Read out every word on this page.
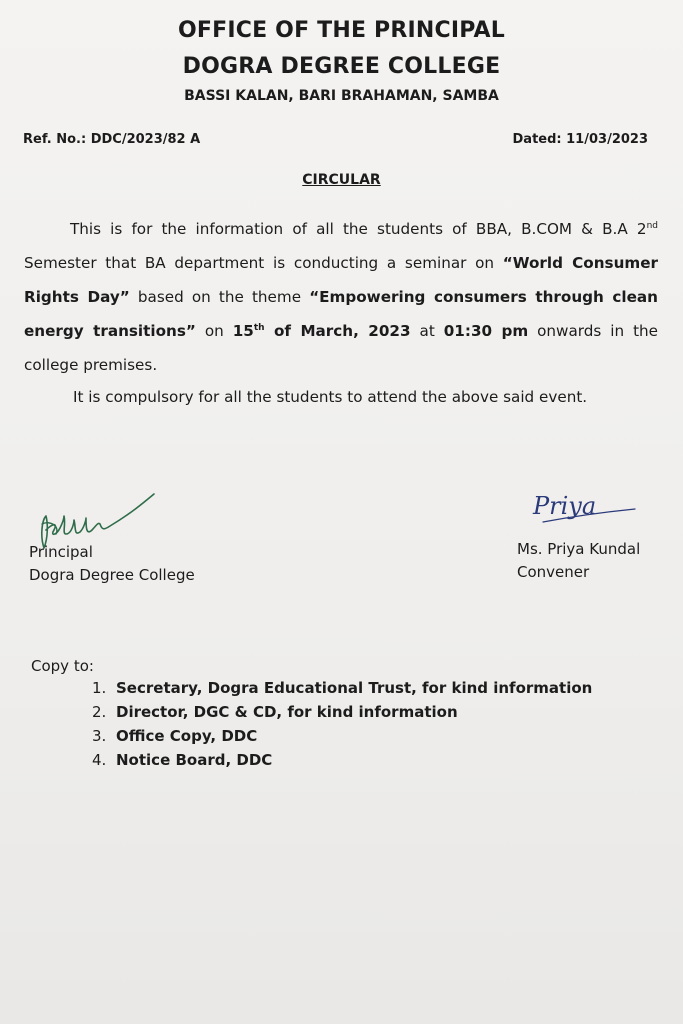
OFFICE OF THE PRINCIPAL
DOGRA DEGREE COLLEGE
BASSI KALAN, BARI BRAHAMAN, SAMBA
Ref. No.: DDC/2023/82 A	Dated: 11/03/2023
CIRCULAR
This is for the information of all the students of BBA, B.COM & B.A 2nd Semester that BA department is conducting a seminar on “World Consumer Rights Day” based on the theme “Empowering consumers through clean energy transitions” on 15th of March, 2023 at 01:30 pm onwards in the college premises.
It is compulsory for all the students to attend the above said event.
Priya
Principal
Dogra Degree College
Ms. Priya Kundal
Convener
Copy to:
1. Secretary, Dogra Educational Trust, for kind information
2. Director, DGC & CD, for kind information
3. Office Copy, DDC
4. Notice Board, DDC
